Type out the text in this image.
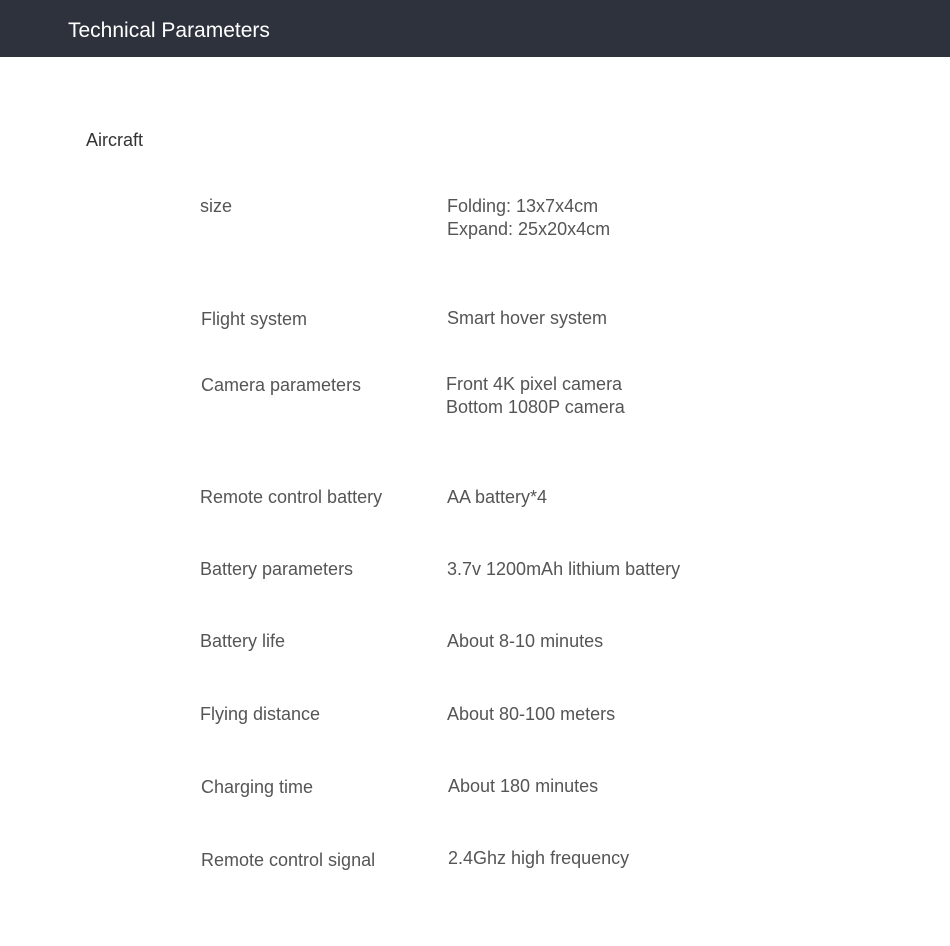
Technical Parameters
Aircraft
size	Folding: 13x7x4cm
Expand: 25x20x4cm
Flight system	Smart hover system
Camera parameters	Front 4K pixel camera
Bottom 1080P camera
Remote control battery	AA battery*4
Battery parameters	3.7v 1200mAh lithium battery
Battery life	About 8-10 minutes
Flying distance	About 80-100 meters
Charging time	About 180 minutes
Remote control signal	2.4Ghz high frequency
